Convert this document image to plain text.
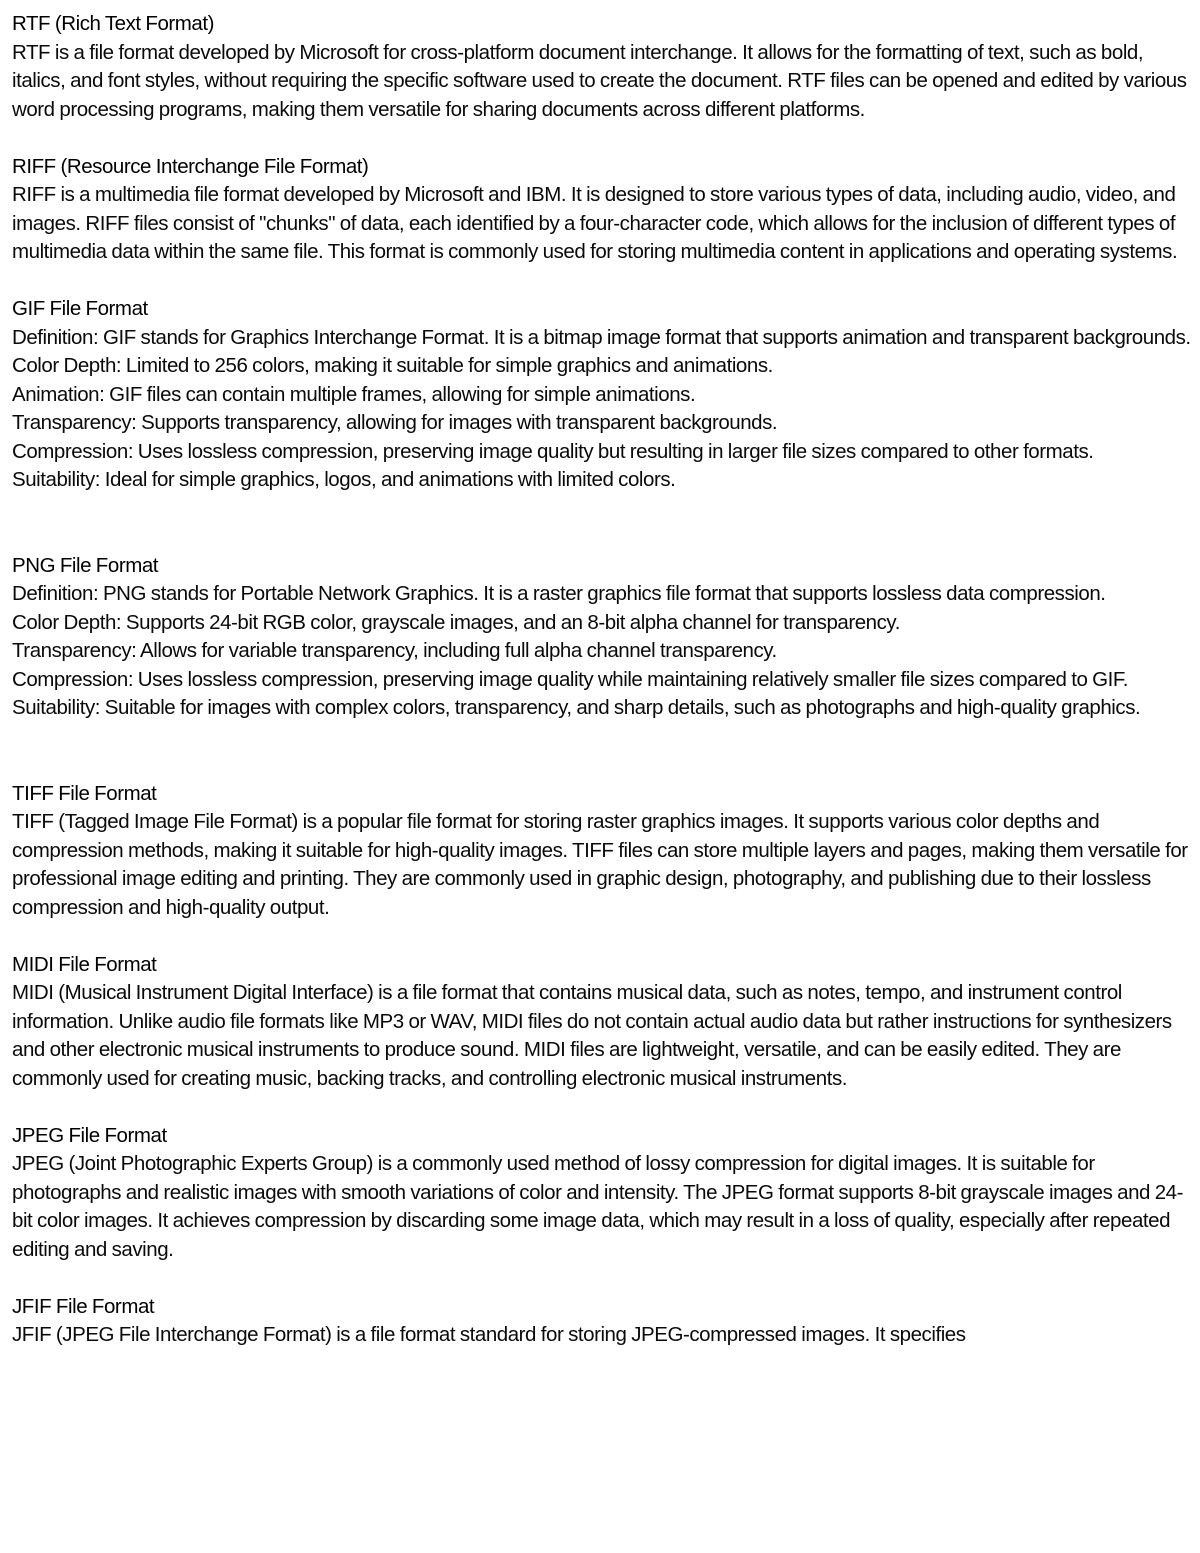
RTF (Rich Text Format)
RTF is a file format developed by Microsoft for cross-platform document interchange. It allows for the formatting of text, such as bold, italics, and font styles, without requiring the specific software used to create the document. RTF files can be opened and edited by various word processing programs, making them versatile for sharing documents across different platforms.
RIFF (Resource Interchange File Format)
RIFF is a multimedia file format developed by Microsoft and IBM. It is designed to store various types of data, including audio, video, and images. RIFF files consist of "chunks" of data, each identified by a four-character code, which allows for the inclusion of different types of multimedia data within the same file. This format is commonly used for storing multimedia content in applications and operating systems.
GIF File Format
Definition: GIF stands for Graphics Interchange Format. It is a bitmap image format that supports animation and transparent backgrounds.
Color Depth: Limited to 256 colors, making it suitable for simple graphics and animations.
Animation: GIF files can contain multiple frames, allowing for simple animations.
Transparency: Supports transparency, allowing for images with transparent backgrounds.
Compression: Uses lossless compression, preserving image quality but resulting in larger file sizes compared to other formats.
Suitability: Ideal for simple graphics, logos, and animations with limited colors.
PNG File Format
Definition: PNG stands for Portable Network Graphics. It is a raster graphics file format that supports lossless data compression.
Color Depth: Supports 24-bit RGB color, grayscale images, and an 8-bit alpha channel for transparency.
Transparency: Allows for variable transparency, including full alpha channel transparency.
Compression: Uses lossless compression, preserving image quality while maintaining relatively smaller file sizes compared to GIF.
Suitability: Suitable for images with complex colors, transparency, and sharp details, such as photographs and high-quality graphics.
TIFF File Format
TIFF (Tagged Image File Format) is a popular file format for storing raster graphics images. It supports various color depths and compression methods, making it suitable for high-quality images. TIFF files can store multiple layers and pages, making them versatile for professional image editing and printing. They are commonly used in graphic design, photography, and publishing due to their lossless compression and high-quality output.
MIDI File Format
MIDI (Musical Instrument Digital Interface) is a file format that contains musical data, such as notes, tempo, and instrument control information. Unlike audio file formats like MP3 or WAV, MIDI files do not contain actual audio data but rather instructions for synthesizers and other electronic musical instruments to produce sound. MIDI files are lightweight, versatile, and can be easily edited. They are commonly used for creating music, backing tracks, and controlling electronic musical instruments.
JPEG File Format
JPEG (Joint Photographic Experts Group) is a commonly used method of lossy compression for digital images. It is suitable for photographs and realistic images with smooth variations of color and intensity. The JPEG format supports 8-bit grayscale images and 24-bit color images. It achieves compression by discarding some image data, which may result in a loss of quality, especially after repeated editing and saving.
JFIF File Format
JFIF (JPEG File Interchange Format) is a file format standard for storing JPEG-compressed images. It specifies
